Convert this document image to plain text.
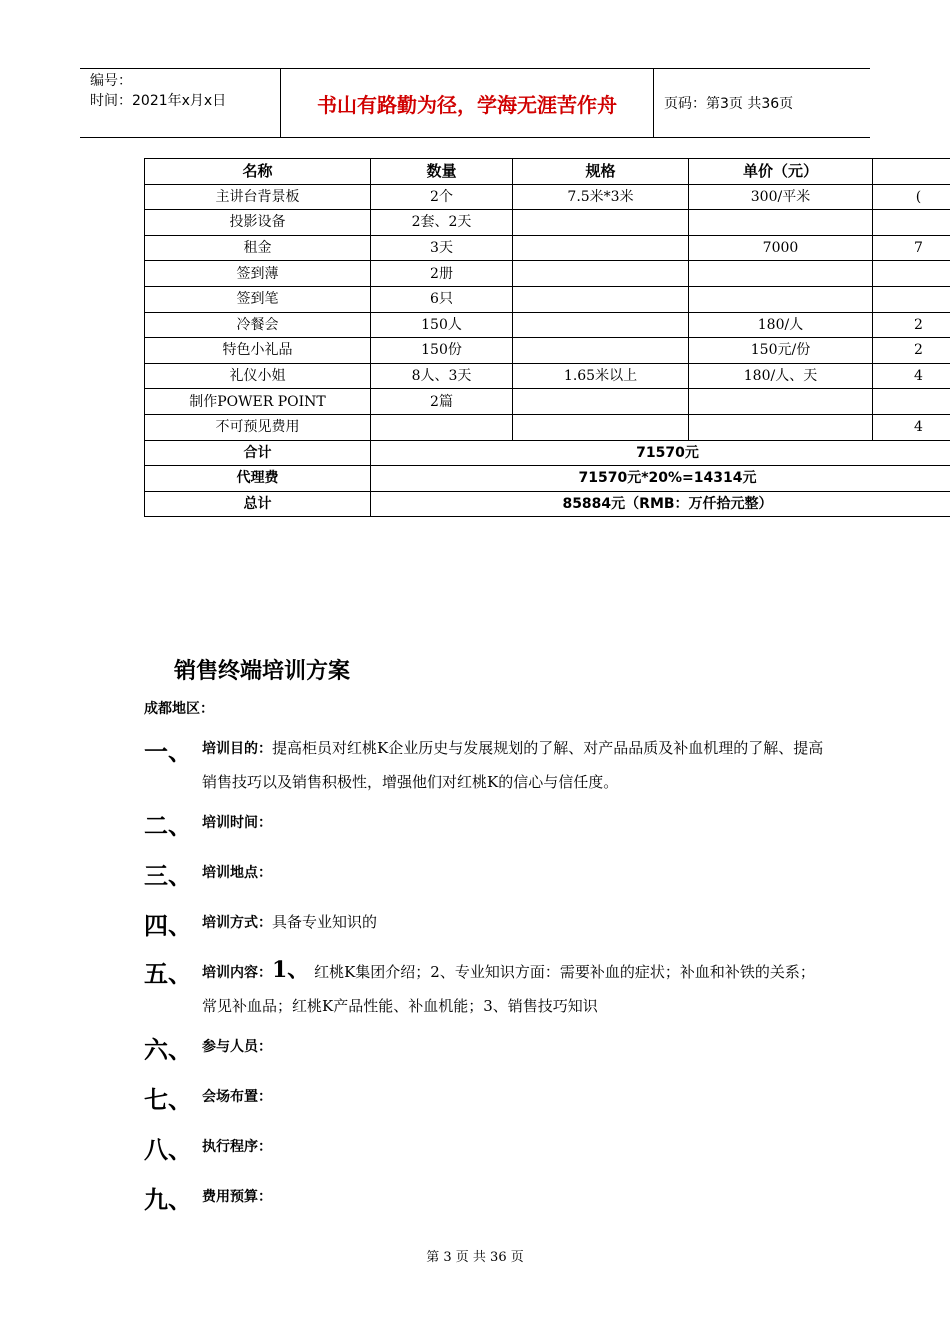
编号：
时间：2021年x月x日	书山有路勤为径，学海无涯苦作舟	页码：第3页 共36页
名称	数量	规格	单价（元）	
主讲台背景板	2个	7.5米*3米	300/平米	(
投影设备	2套、2天			
租金	3天		7000	7
签到薄	2册			
签到笔	6只			
冷餐会	150人		180/人	2
特色小礼品	150份		150元/份	2
礼仪小姐	8人、3天	1.65米以上	180/人、天	4
制作POWER POINT	2篇			
不可预见费用				4
合计	71570元			
代理费	71570元*20%=14314元			
总计	85884元（RMB：万仟拾元整）			
销售终端培训方案
成都地区：
一、 培训目的：提高柜员对红桃K企业历史与发展规划的了解、对产品品质及补血机理的了解、提高销售技巧以及销售积极性，增强他们对红桃K的信心与信任度。
二、 培训时间：
三、 培训地点：
四、 培训方式：具备专业知识的
五、 培训内容：1、 红桃K集团介绍；2、专业知识方面：需要补血的症状；补血和补铁的关系；常见补血品；红桃K产品性能、补血机能；3、销售技巧知识
六、 参与人员：
七、 会场布置：
八、 执行程序：
九、 费用预算：
第 3 页 共 36 页
